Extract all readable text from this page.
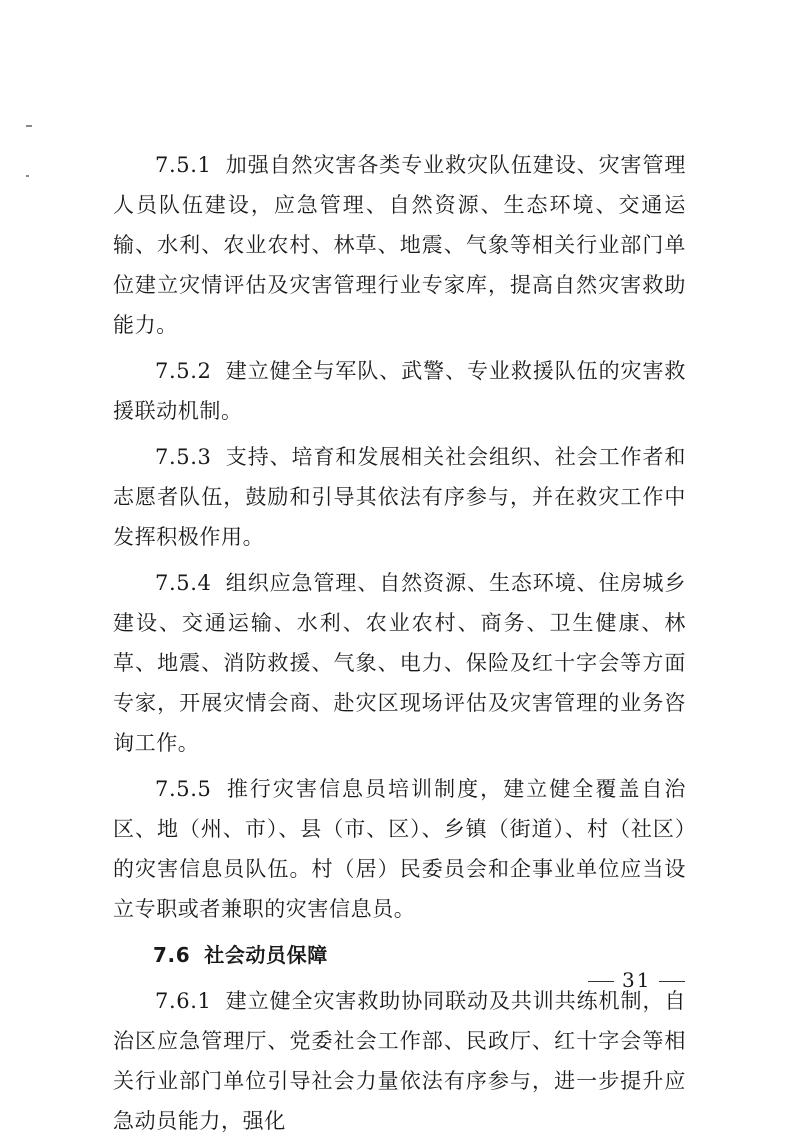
7.5.1 加强自然灾害各类专业救灾队伍建设、灾害管理人员队伍建设，应急管理、自然资源、生态环境、交通运输、水利、农业农村、林草、地震、气象等相关行业部门单位建立灾情评估及灾害管理行业专家库，提高自然灾害救助能力。

7.5.2 建立健全与军队、武警、专业救援队伍的灾害救援联动机制。

7.5.3 支持、培育和发展相关社会组织、社会工作者和志愿者队伍，鼓励和引导其依法有序参与，并在救灾工作中发挥积极作用。

7.5.4 组织应急管理、自然资源、生态环境、住房城乡建设、交通运输、水利、农业农村、商务、卫生健康、林草、地震、消防救援、气象、电力、保险及红十字会等方面专家，开展灾情会商、赴灾区现场评估及灾害管理的业务咨询工作。

7.5.5 推行灾害信息员培训制度，建立健全覆盖自治区、地（州、市）、县（市、区）、乡镇（街道）、村（社区）的灾害信息员队伍。村（居）民委员会和企事业单位应当设立专职或者兼职的灾害信息员。

7.6 社会动员保障

7.6.1 建立健全灾害救助协同联动及共训共练机制，自治区应急管理厅、党委社会工作部、民政厅、红十字会等相关行业部门单位引导社会力量依法有序参与，进一步提升应急动员能力，强化

31
